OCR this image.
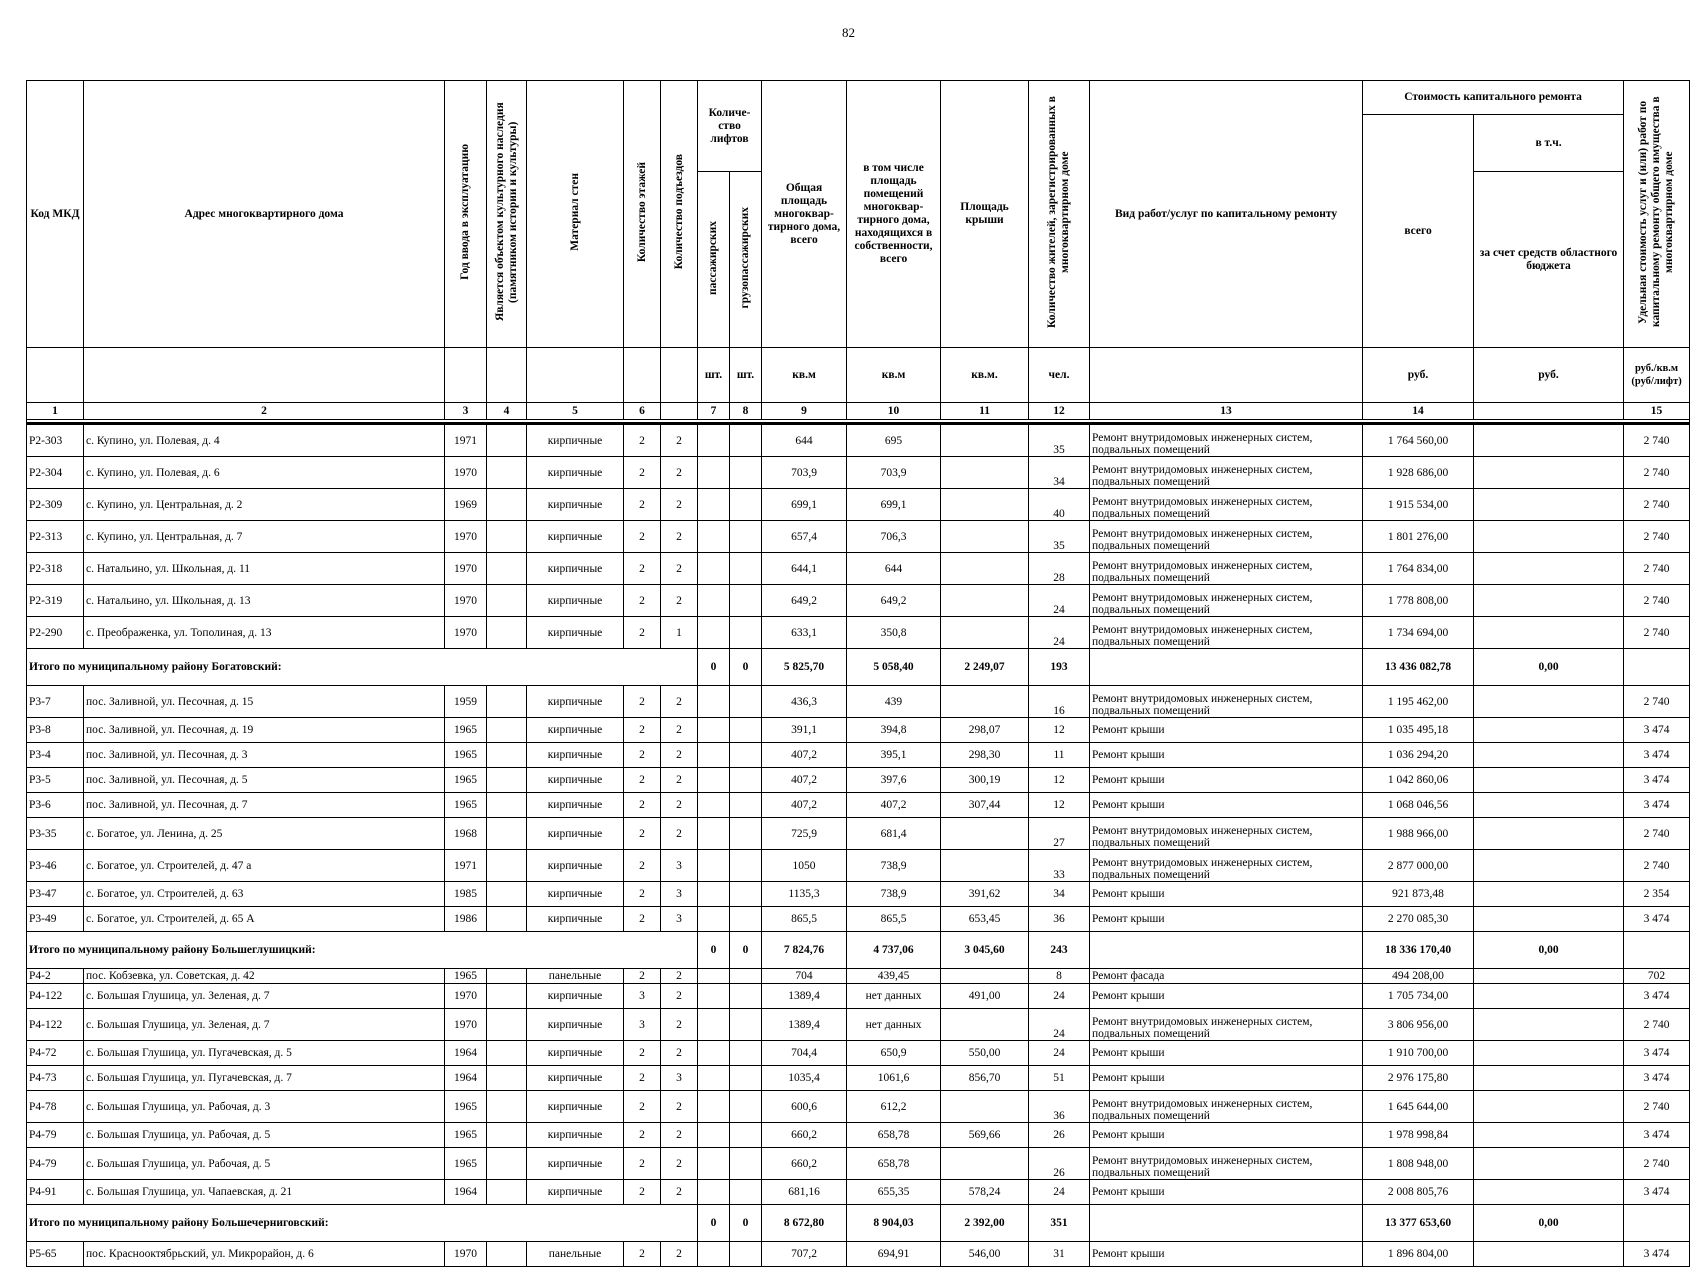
82
Код МКД	Адрес многоквартирного дома	Год ввода в эксплуатацию	Является объектом культурного наследия (памятником истории и культуры)	Материал стен	Количество этажей	Количество подъездов	Количе-ство лифтов		Общая площадь многоквар-тирного дома, всего	в том числе площадь помещений многоквар-тирного дома, находящихся в собственности, всего	Площадь крыши	Количество жителей, зарегистрированных в многоквартирном доме	Вид работ/услуг по капитальному ремонту	Стоимость капитального ремонта		Удельная стоимость услуг и (или) работ по капитальному ремонту общего имущества в многоквартирном доме	
														всего	в т.ч.		
							пассажирских	грузопассажирских							за счет средств областного бюджета		
							шт.	шт.	кв.м	кв.м	кв.м.	чел.		руб.	руб.	руб./кв.м (руб/лифт)	
1	2	3	4	5	6		7	8	9	10	11	12	13	14		15	

Р2-303	с. Купино, ул. Полевая, д. 4	1971		кирпичные	2	2			644	695		35	Ремонт внутридомовых инженерных систем, подвальных помещений	1 764 560,00		2 740	
Р2-304	с. Купино, ул. Полевая, д. 6	1970		кирпичные	2	2			703,9	703,9		34	Ремонт внутридомовых инженерных систем, подвальных помещений	1 928 686,00		2 740	
Р2-309	с. Купино, ул. Центральная, д. 2	1969		кирпичные	2	2			699,1	699,1		40	Ремонт внутридомовых инженерных систем, подвальных помещений	1 915 534,00		2 740	
Р2-313	с. Купино, ул. Центральная, д. 7	1970		кирпичные	2	2			657,4	706,3		35	Ремонт внутридомовых инженерных систем, подвальных помещений	1 801 276,00		2 740	
Р2-318	с. Натальино, ул. Школьная, д. 11	1970		кирпичные	2	2			644,1	644		28	Ремонт внутридомовых инженерных систем, подвальных помещений	1 764 834,00		2 740	
Р2-319	с. Натальино, ул. Школьная, д. 13	1970		кирпичные	2	2			649,2	649,2		24	Ремонт внутридомовых инженерных систем, подвальных помещений	1 778 808,00		2 740	
Р2-290	с. Преображенка, ул. Тополиная, д. 13	1970		кирпичные	2	1			633,1	350,8		24	Ремонт внутридомовых инженерных систем, подвальных помещений	1 734 694,00		2 740	
Итого по муниципальному району Богатовский:							0	0	5 825,70	5 058,40	2 249,07	193		13 436 082,78	0,00		
Р3-7	пос. Заливной, ул. Песочная, д. 15	1959		кирпичные	2	2			436,3	439		16	Ремонт внутридомовых инженерных систем, подвальных помещений	1 195 462,00		2 740	
Р3-8	пос. Заливной, ул. Песочная, д. 19	1965		кирпичные	2	2			391,1	394,8	298,07	12	Ремонт крыши	1 035 495,18		3 474	
Р3-4	пос. Заливной, ул. Песочная, д. 3	1965		кирпичные	2	2			407,2	395,1	298,30	11	Ремонт крыши	1 036 294,20		3 474	
Р3-5	пос. Заливной, ул. Песочная, д. 5	1965		кирпичные	2	2			407,2	397,6	300,19	12	Ремонт крыши	1 042 860,06		3 474	
Р3-6	пос. Заливной, ул. Песочная, д. 7	1965		кирпичные	2	2			407,2	407,2	307,44	12	Ремонт крыши	1 068 046,56		3 474	
Р3-35	с. Богатое, ул. Ленина, д. 25	1968		кирпичные	2	2			725,9	681,4		27	Ремонт внутридомовых инженерных систем, подвальных помещений	1 988 966,00		2 740	
Р3-46	с. Богатое, ул. Строителей, д. 47 а	1971		кирпичные	2	3			1050	738,9		33	Ремонт внутридомовых инженерных систем, подвальных помещений	2 877 000,00		2 740	
Р3-47	с. Богатое, ул. Строителей, д. 63	1985		кирпичные	2	3			1135,3	738,9	391,62	34	Ремонт крыши	921 873,48		2 354	
Р3-49	с. Богатое, ул. Строителей, д. 65 А	1986		кирпичные	2	3			865,5	865,5	653,45	36	Ремонт крыши	2 270 085,30		3 474	
Итого по муниципальному району Большеглушицкий:							0	0	7 824,76	4 737,06	3 045,60	243		18 336 170,40	0,00		
Р4-2	пос. Кобзевка, ул. Советская, д. 42	1965		панельные	2	2			704	439,45		8	Ремонт фасада	494 208,00		702	
Р4-122	с. Большая Глушица, ул. Зеленая, д. 7	1970		кирпичные	3	2			1389,4	нет данных	491,00	24	Ремонт крыши	1 705 734,00		3 474	
Р4-122	с. Большая Глушица, ул. Зеленая, д. 7	1970		кирпичные	3	2			1389,4	нет данных		24	Ремонт внутридомовых инженерных систем, подвальных помещений	3 806 956,00		2 740	
Р4-72	с. Большая Глушица, ул. Пугачевская, д. 5	1964		кирпичные	2	2			704,4	650,9	550,00	24	Ремонт крыши	1 910 700,00		3 474	
Р4-73	с. Большая Глушица, ул. Пугачевская, д. 7	1964		кирпичные	2	3			1035,4	1061,6	856,70	51	Ремонт крыши	2 976 175,80		3 474	
Р4-78	с. Большая Глушица, ул. Рабочая, д. 3	1965		кирпичные	2	2			600,6	612,2		36	Ремонт внутридомовых инженерных систем, подвальных помещений	1 645 644,00		2 740	
Р4-79	с. Большая Глушица, ул. Рабочая, д. 5	1965		кирпичные	2	2			660,2	658,78	569,66	26	Ремонт крыши	1 978 998,84		3 474	
Р4-79	с. Большая Глушица, ул. Рабочая, д. 5	1965		кирпичные	2	2			660,2	658,78		26	Ремонт внутридомовых инженерных систем, подвальных помещений	1 808 948,00		2 740	
Р4-91	с. Большая Глушица, ул. Чапаевская, д. 21	1964		кирпичные	2	2			681,16	655,35	578,24	24	Ремонт крыши	2 008 805,76		3 474	
Итого по муниципальному району Большечерниговский:							0	0	8 672,80	8 904,03	2 392,00	351		13 377 653,60	0,00		
Р5-65	пос. Краснооктябрьский, ул. Микрорайон, д. 6	1970		панельные	2	2			707,2	694,91	546,00	31	Ремонт крыши	1 896 804,00		3 474	
